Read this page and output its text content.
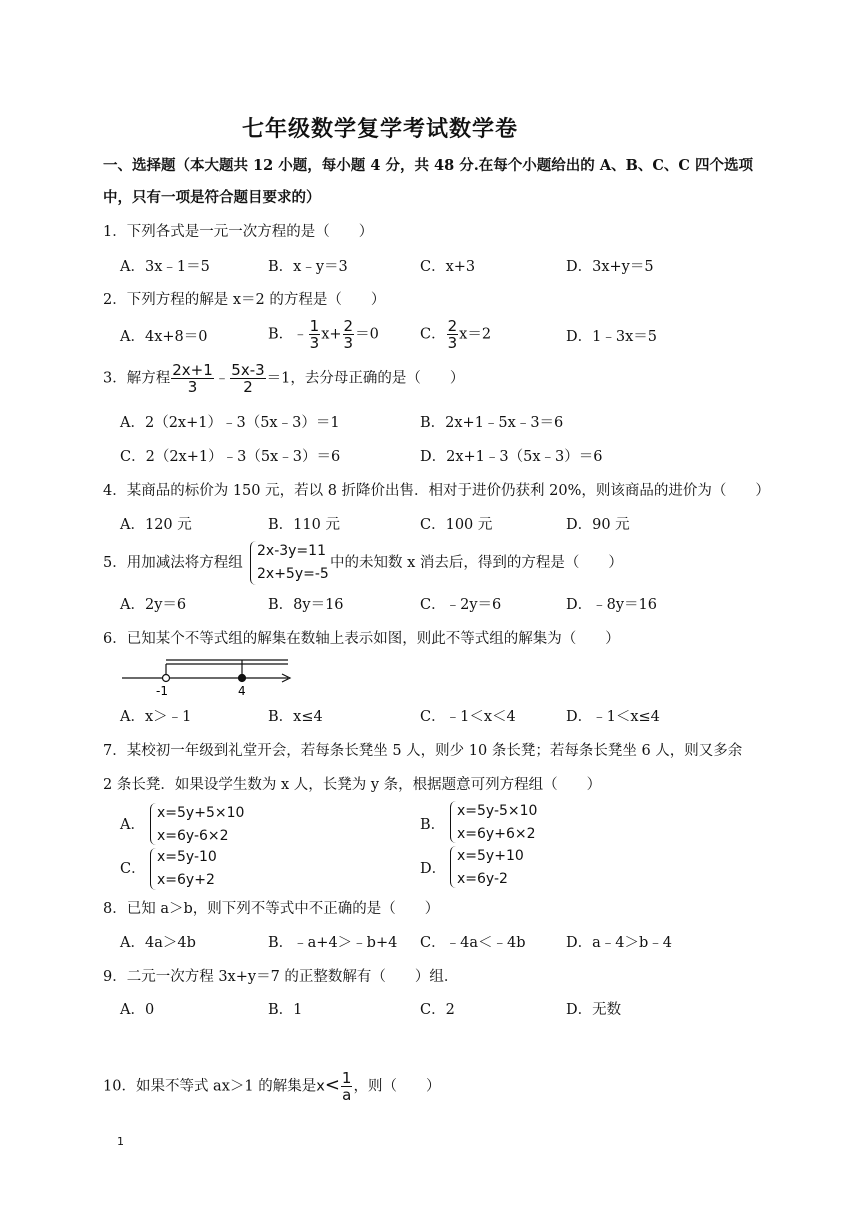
七年级数学复学考试数学卷
一、选择题（本大题共 12 小题，每小题 4 分，共 48 分.在每个小题给出的 A、B、C、C 四个选项
中，只有一项是符合题目要求的）
1．下列各式是一元一次方程的是（　　）
A．3x﹣1＝5	B．x﹣y＝3	C．x+3	D．3x+y＝5
2．下列方程的解是 x＝2 的方程是（　　）
A．4x+8＝0	B．﹣ $\frac{1}{3} x+ \frac{2}{3} =0$	C． $\frac{2}{3} x=2$	D．1﹣3x＝5
3．解方程 $\frac{2x+1}{3}$ ﹣ $\frac{5x-3}{2} =1$，去分母正确的是（　　）
A．2（2x+1）﹣3（5x﹣3）＝1	B．2x+1﹣5x﹣3＝6
C．2（2x+1）﹣3（5x﹣3）＝6	D．2x+1﹣3（5x﹣3）＝6
4．某商品的标价为 150 元，若以 8 折降价出售．相对于进价仍获利 20%，则该商品的进价为（　　）
A．120 元	B．110 元	C．100 元	D．90 元
5．用加减法将方程组
2x-3y=11
2x+5y=-5
中的未知数 x 消去后，得到的方程是（　　）
A．2y＝6	B．8y＝16	C．﹣2y＝6	D．﹣8y＝16
6．已知某个不等式组的解集在数轴上表示如图，则此不等式组的解集为（　　）
-1	4
A．x＞﹣1	B．x≤4	C．﹣1＜x＜4	D．﹣1＜x≤4
7．某校初一年级到礼堂开会，若每条长凳坐 5 人，则少 10 条长凳；若每条长凳坐 6 人，则又多余
2 条长凳．如果设学生数为 x 人，长凳为 y 条，根据题意可列方程组（　　）
A．
x=5y+5×10
x=6y-6×2
B．
x=5y-5×10
x=6y+6×2
C．
x=5y-10
x=6y+2
D．
x=5y+10
x=6y-2
8．已知 a＞b，则下列不等式中不正确的是（　　）
A．4a＞4b	B．﹣a+4＞﹣b+4 C．﹣4a＜﹣4b	D．a﹣4＞b﹣4
9．二元一次方程 3x+y＝7 的正整数解有（　　）组．
A．0	B．1	C．2	D．无数
10．如果不等式 ax＞1 的解集是$x< \frac{1}{a}$ ，则（　　）
1
